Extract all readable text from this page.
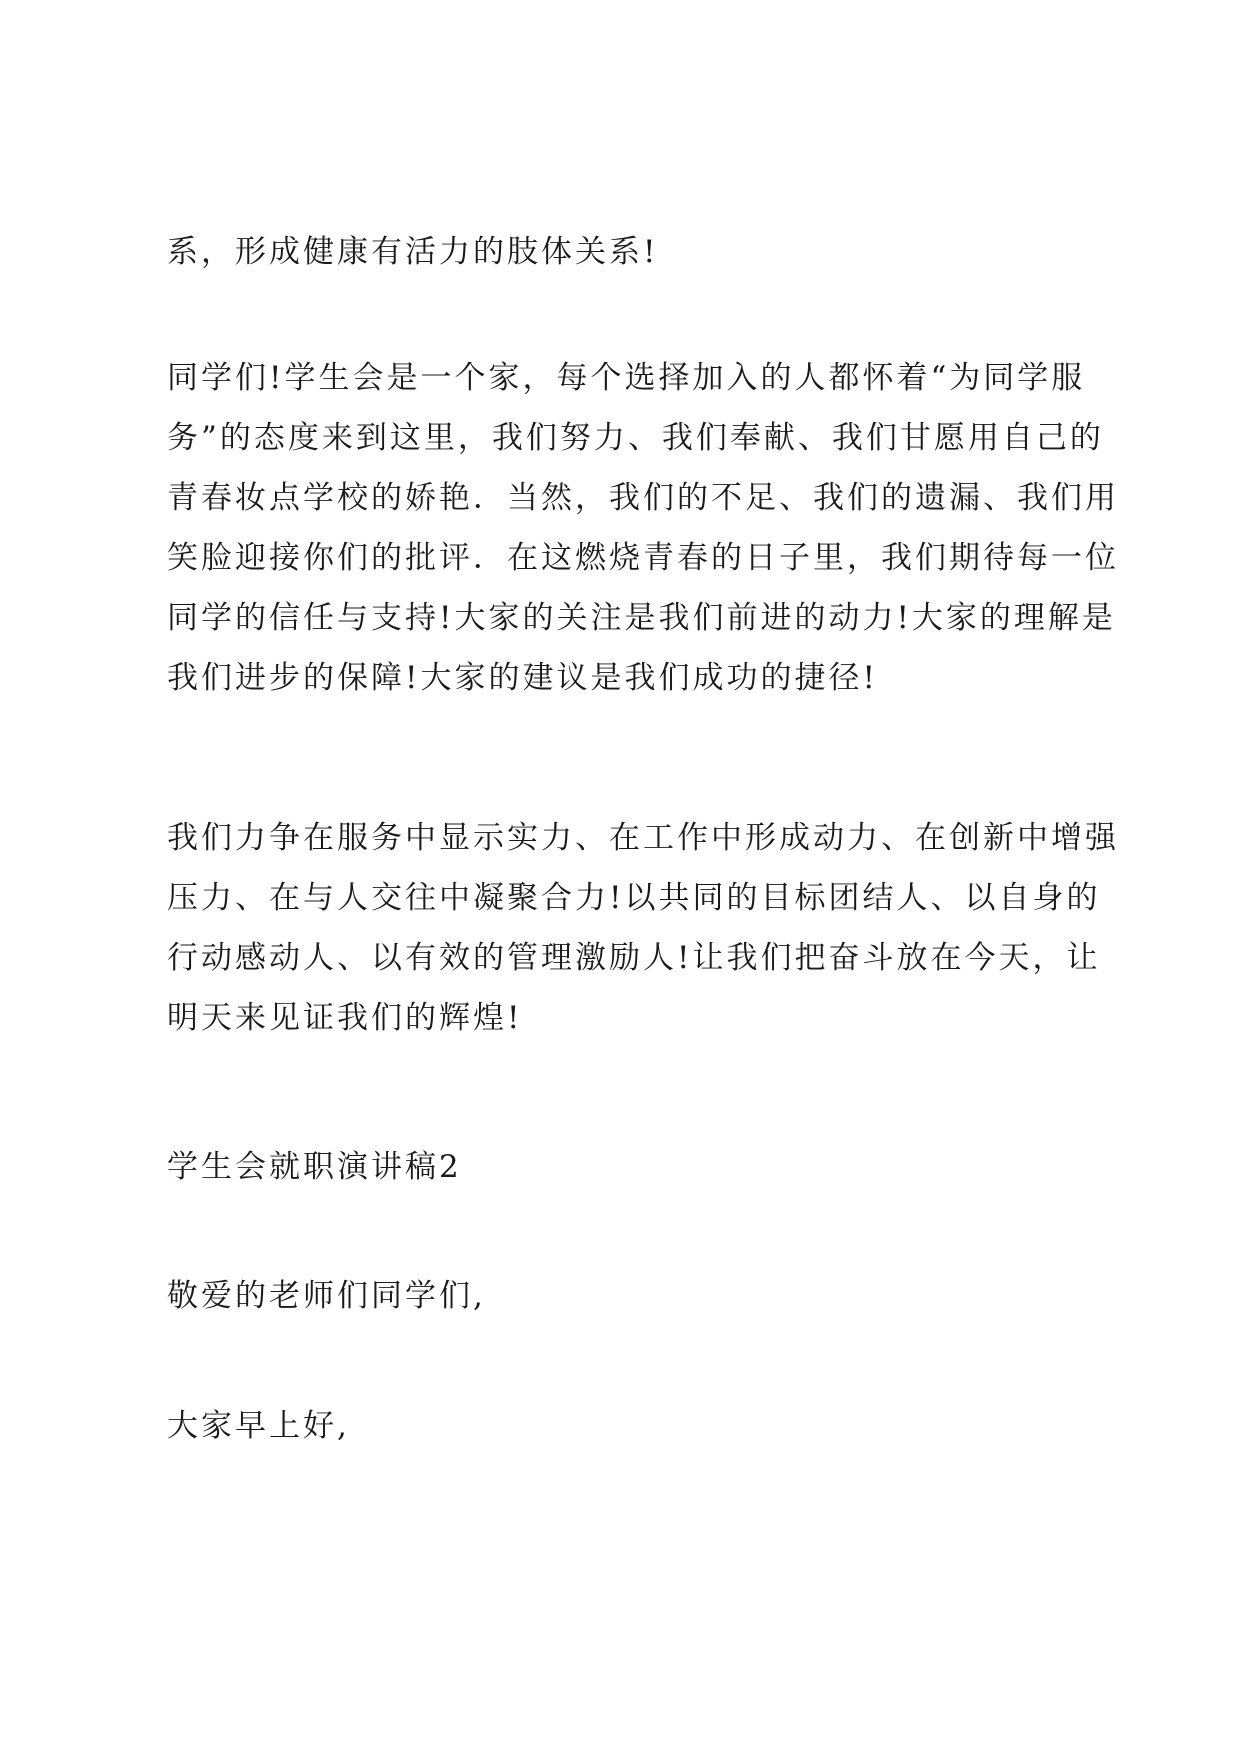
系，形成健康有活力的肢体关系!
同学们!学生会是一个家，每个选择加入的人都怀着“为同学服
务”的态度来到这里，我们努力、我们奉献、我们甘愿用自己的
青春妆点学校的娇艳．当然，我们的不足、我们的遗漏、我们用
笑脸迎接你们的批评．在这燃烧青春的日子里，我们期待每一位
同学的信任与支持!大家的关注是我们前进的动力!大家的理解是
我们进步的保障!大家的建议是我们成功的捷径!
我们力争在服务中显示实力、在工作中形成动力、在创新中增强
压力、在与人交往中凝聚合力!以共同的目标团结人、以自身的
行动感动人、以有效的管理激励人!让我们把奋斗放在今天，让
明天来见证我们的辉煌!
学生会就职演讲稿2
敬爱的老师们同学们,
大家早上好,
